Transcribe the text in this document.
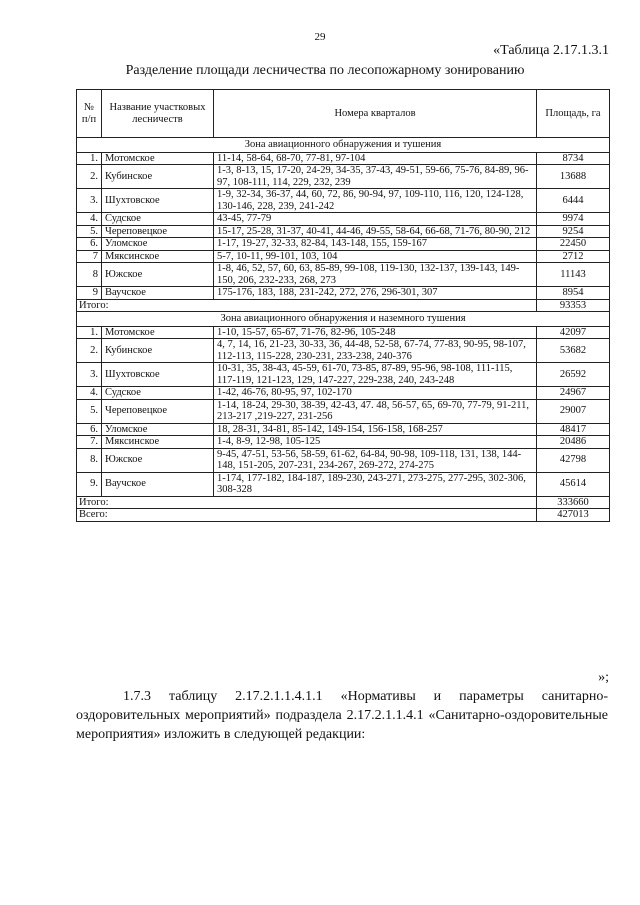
29
«Таблица 2.17.1.3.1
Разделение площади лесничества по лесопожарному зонированию
№ п/п	Название участковых лесничеств	Номера кварталов	Площадь, га
Зона авиационного обнаружения и тушения			
1.	Мотомское	11-14, 58-64, 68-70, 77-81, 97-104	8734
2.	Кубинское	1-3, 8-13, 15, 17-20, 24-29, 34-35, 37-43, 49-51, 59-66, 75-76, 84-89, 96-97, 108-111, 114, 229, 232, 239	13688
3.	Шухтовское	1-9, 32-34, 36-37, 44, 60, 72, 86, 90-94, 97, 109-110, 116, 120, 124-128, 130-146, 228, 239, 241-242	6444
4.	Судское	43-45, 77-79	9974
5.	Череповецкое	15-17, 25-28, 31-37, 40-41, 44-46, 49-55, 58-64, 66-68, 71-76, 80-90, 212	9254
6.	Уломское	1-17, 19-27, 32-33, 82-84, 143-148, 155, 159-167	22450
7	Мяксинское	5-7, 10-11, 99-101, 103, 104	2712
8	Южское	1-8, 46, 52, 57, 60, 63, 85-89, 99-108, 119-130, 132-137, 139-143, 149-150, 206, 232-233, 268, 273	11143
9	Ваучское	175-176, 183, 188, 231-242, 272, 276, 296-301, 307	8954
Итого:			93353
Зона авиационного обнаружения и наземного тушения			
1.	Мотомское	1-10, 15-57, 65-67, 71-76, 82-96, 105-248	42097
2.	Кубинское	4, 7, 14, 16, 21-23, 30-33, 36, 44-48, 52-58, 67-74, 77-83, 90-95, 98-107, 112-113, 115-228, 230-231, 233-238, 240-376	53682
3.	Шухтовское	10-31, 35, 38-43, 45-59, 61-70, 73-85, 87-89, 95-96, 98-108, 111-115, 117-119, 121-123, 129, 147-227, 229-238, 240, 243-248	26592
4.	Судское	1-42, 46-76, 80-95, 97, 102-170	24967
5.	Череповецкое	1-14, 18-24, 29-30, 38-39, 42-43, 47. 48, 56-57, 65, 69-70, 77-79, 91-211, 213-217 ,219-227, 231-256	29007
6.	Уломское	18, 28-31, 34-81, 85-142, 149-154, 156-158, 168-257	48417
7.	Мяксинское	1-4, 8-9, 12-98, 105-125	20486
8.	Южское	9-45, 47-51, 53-56, 58-59, 61-62, 64-84, 90-98, 109-118, 131, 138, 144-148, 151-205, 207-231, 234-267, 269-272, 274-275	42798
9.	Ваучское	1-174, 177-182, 184-187, 189-230, 243-271, 273-275, 277-295, 302-306, 308-328	45614
Итого:			333660
Всего:			427013
»;
1.7.3 таблицу 2.17.2.1.1.4.1.1 «Нормативы и параметры санитарно-оздоровительных мероприятий» подраздела 2.17.2.1.1.4.1 «Санитарно-оздоровительные мероприятия» изложить в следующей редакции:
